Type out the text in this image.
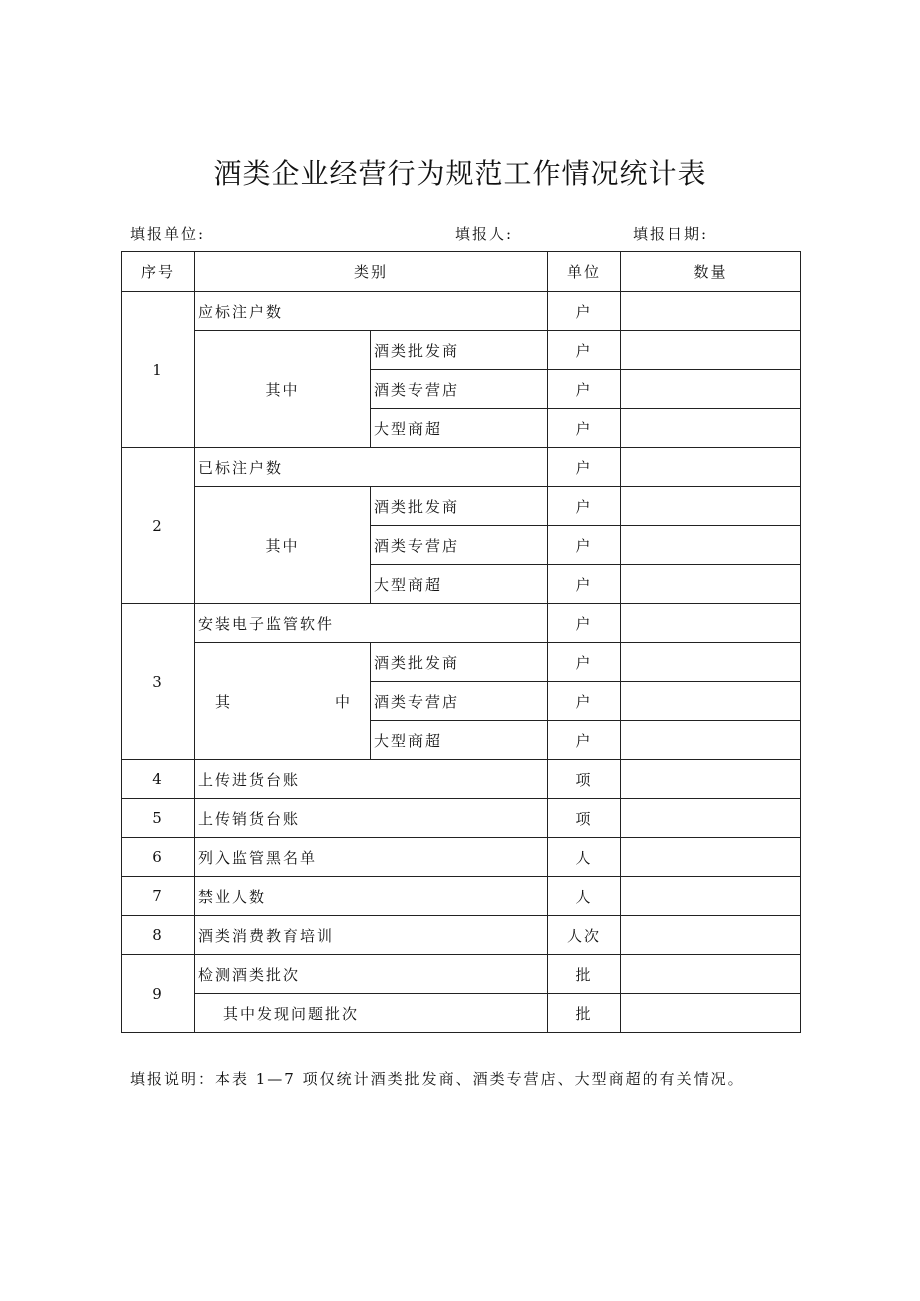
酒类企业经营行为规范工作情况统计表
填报单位:	填报人:	填报日期:
序号	类别		单位	数量
1	应标注户数		户	
	其中	酒类批发商	户	
		酒类专营店	户	
		大型商超	户	
2	已标注户数		户	
	其中	酒类批发商	户	
		酒类专营店	户	
		大型商超	户	
3	安装电子监管软件		户	

	其 中	酒类批发商	户	
		酒类专营店	户	
		大型商超	户	
4	上传进货台账		项	
5	上传销货台账		项	
6	列入监管黑名单		人	
7	禁业人数		人	
8	酒类消费教育培训		人次	
9	检测酒类批次		批	
	其中发现问题批次		批	
填报说明：本表 1—7 项仅统计酒类批发商、酒类专营店、大型商超的有关情况。
